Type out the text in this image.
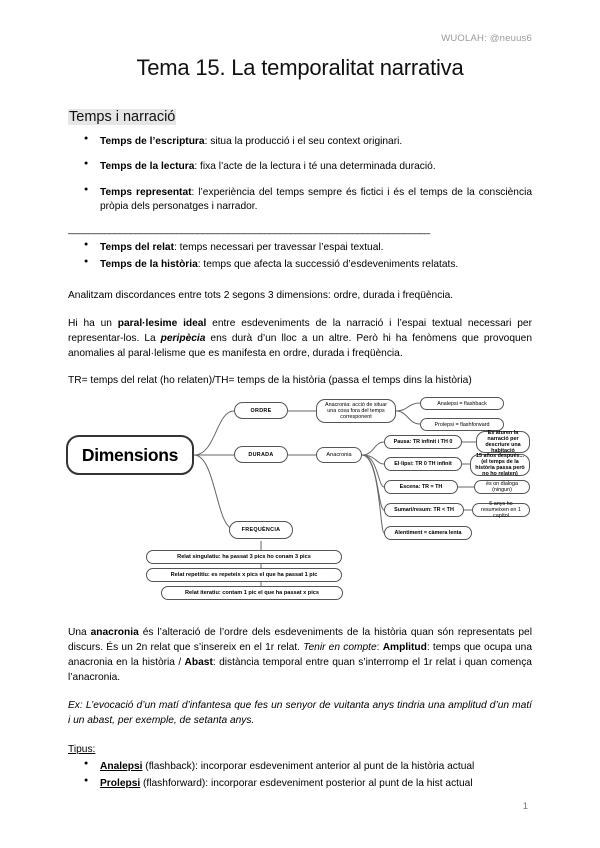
WUOLAH: @neuus6
Tema 15. La temporalitat narrativa
Temps i narració
● Temps de l’escriptura: situa la producció i el seu context originari.
● Temps de la lectura: fixa l’acte de la lectura i té una determinada duració.
● Temps representat: l’experiència del temps sempre és fictici i és el temps de la consciència pròpia dels personatges i narrador.
______________________________________________________________________
● Temps del relat: temps necessari per travessar l’espai textual.
● Temps de la història: temps que afecta la successió d’esdeveniments relatats.

Analitzam discordances entre tots 2 segons 3 dimensions: ordre, durada i freqüència.

Hi ha un paral·lesime ideal entre esdeveniments de la narració i l’espai textual necessari per representar-los. La peripècia ens durà d’un lloc a un altre. Però hi ha fenòmens que provoquen anomalies al paral·lelisme que es manifesta en ordre, durada i freqüència.

TR= temps del relat (ho relaten)/TH= temps de la història (passa el temps dins la història)

Dimensions
ORDRE
DURADA
FREQUÈNCIA
Anacronia: acció de situar una cosa fora del temps corresponent
Analepsi = flashback
Prolepsi = flashforward
Anacronia
Pausa: TR infinit i TH 0
El·lipsi: TR 0 TH infinit
Escena: TR = TH
Sumari/resum: TR < TH
Alentiment = càmera lenta
Es aturen la narració per descriure una habitació
15 años después...(el temps de la història passa però no ho relaten)
és on dialoga (ningun)
5 anys ho resumeixen en 1 capítol
Relat singulatiu: ha passat 3 pics ho conam 3 pics
Relat repetitiu: es repeteix x pics el que ha passat 1 pic
Relat iteratiu: contam 1 pic el que ha passat x pics

Una anacronia és l’alteració de l’ordre dels esdeveniments de la història quan són representats pel discurs. És un 2n relat que s’insereix en el 1r relat. Tenir en compte: Amplitud: temps que ocupa una anacronia en la història / Abast: distància temporal entre quan s’interromp el 1r relat i quan comença l’anacronia.

Ex: L’evocació d’un matí d’infantesa que fes un senyor de vuitanta anys tindria una amplitud d’un matí i un abast, per exemple, de setanta anys.

Tipus:

● Analepsi (flashback): incorporar esdeveniment anterior al punt de la història actual
● Prolepsi (flashforward): incorporar esdeveniment posterior al punt de la hist actual
1
